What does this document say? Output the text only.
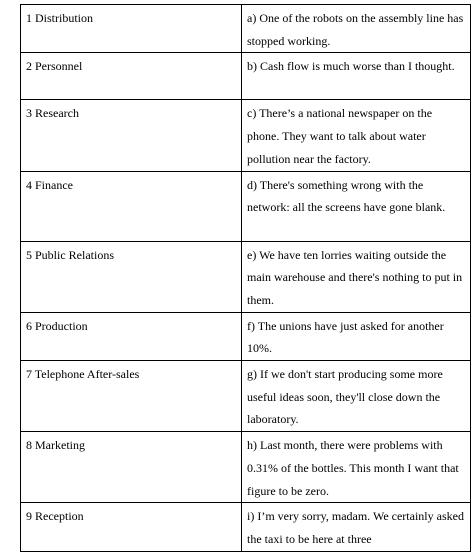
1 Distribution	a) One of the robots on the assembly line has stopped working.
2 Personnel	b) Cash flow is much worse than I thought.
3 Research	c) There’s a national newspaper on the phone. They want to talk about water pollution near the factory.
4 Finance	d) There's something wrong with the network: all the screens have gone blank.
5 Public Relations	e) We have ten lorries waiting outside the main warehouse and there's nothing to put in them.
6 Production	f) The unions have just asked for another 10%.
7 Telephone After-sales	g) If we don't start producing some more useful ideas soon, they'll close down the laboratory.
8 Marketing	h) Last month, there were problems with 0.31% of the bottles. This month I want that figure to be zero.
9 Reception	i) I’m very sorry, madam. We certainly asked the taxi to be here at three
